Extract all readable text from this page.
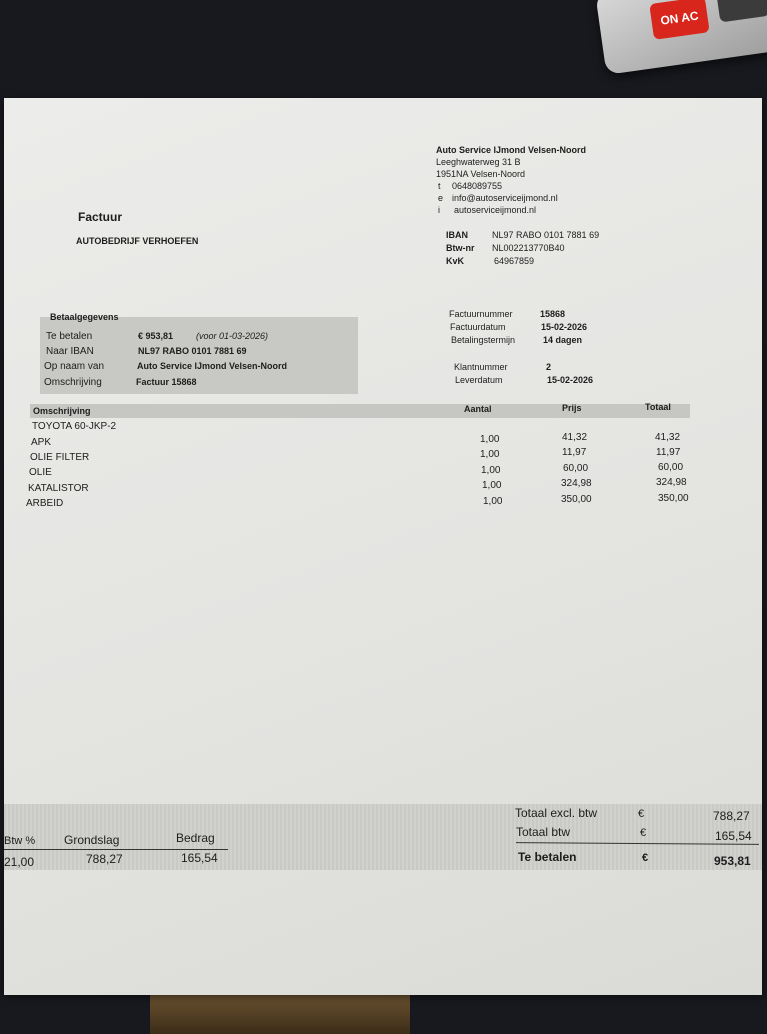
ON AC
Auto Service IJmond Velsen-Noord
Leeghwaterweg 31 B
1951NA Velsen-Noord
t 0648089755
e info@autoserviceijmond.nl
i autoserviceijmond.nl
IBAN	NL97 RABO 0101 7881 69
Btw-nr NL002213770B40
KvK	64967859
Factuur
AUTOBEDRIJF VERHOEFEN
Betaalgegevens
Te betalen	€ 953,81	(voor 01-03-2026)
Naar IBAN	NL97 RABO 0101 7881 69
Op naam van	Auto Service IJmond Velsen-Noord
Omschrijving	Factuur 15868
Factuurnummer	15868
Factuurdatum	15-02-2026
Betalingstermijn	14 dagen
Klantnummer	2
Leverdatum	15-02-2026
Omschrijving	Aantal	Prijs	Totaal
TOYOTA 60-JKP-2
APK	1,00	41,32	41,32
OLIE FILTER	1,00	11,97	11,97
OLIE	1,00	60,00	60,00
KATALISTOR	1,00	324,98	324,98
ARBEID	1,00	350,00	350,00
Btw % Grondslag	Bedrag
21,00	788,27	165,54
Totaal excl. btw	€	788,27
Totaal btw	€	165,54
Te betalen	€	953,81
